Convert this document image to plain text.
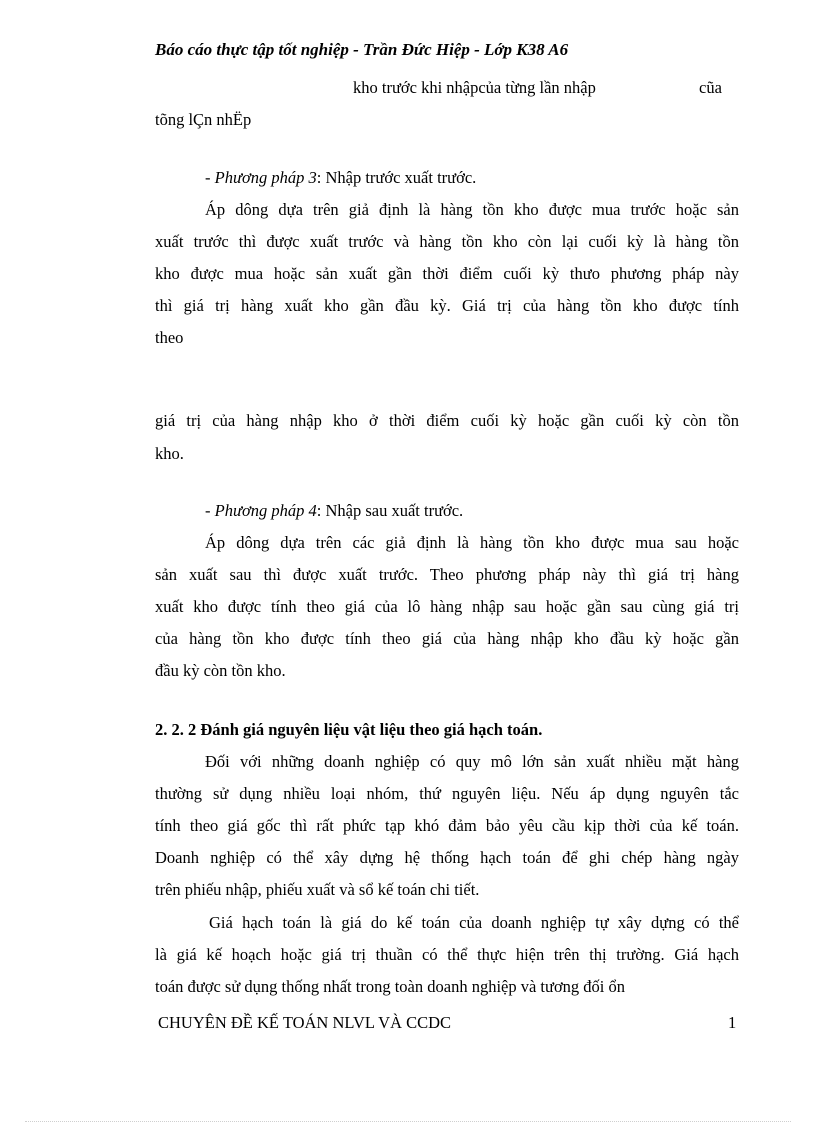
Báo cáo thực tập tốt nghiệp - Trần Đức Hiệp - Lớp K38 A6
kho trước khi nhậpcủa từng lần nhập	cũa
tõng lÇn nhËp
- Phương pháp 3: Nhập trước xuất trước.
Áp dông dựa trên giả định là hàng tồn kho được mua trước hoặc sản
xuất trước thì được xuất trước và hàng tồn kho còn lại cuối kỳ là hàng tồn
kho được mua hoặc sản xuất gần thời điểm cuối kỳ thưo phương pháp này
thì giá trị hàng xuất kho gần đầu kỳ. Giá trị của hàng tồn kho được tính
theo
giá trị của hàng nhập kho ở thời điểm cuối kỳ hoặc gần cuối kỳ còn tồn
kho.
- Phương pháp 4: Nhập sau xuất trước.
Áp dông dựa trên các giả định là hàng tồn kho được mua sau hoặc
sản xuất sau thì được xuất trước. Theo phương pháp này thì giá trị hàng
xuất kho được tính theo giá của lô hàng nhập sau hoặc gần sau cùng giá trị
của hàng tồn kho được tính theo giá của hàng nhập kho đầu kỳ hoặc gần
đầu kỳ còn tồn kho.
2. 2. 2 Đánh giá nguyên liệu vật liệu theo giá hạch toán.
Đối với những doanh nghiệp có quy mô lớn sản xuất nhiều mặt hàng
thường sử dụng nhiều loại nhóm, thứ nguyên liệu. Nếu áp dụng nguyên tắc
tính theo giá gốc thì rất phức tạp khó đảm bảo yêu cầu kịp thời của kế toán.
Doanh nghiệp có thể xây dựng hệ thống hạch toán để ghi chép hàng ngày
trên phiếu nhập, phiếu xuất và sổ kế toán chi tiết.
Giá hạch toán là giá do kế toán của doanh nghiệp tự xây dựng có thể
là giá kế hoạch hoặc giá trị thuần có thể thực hiện trên thị trường. Giá hạch
toán được sử dụng thống nhất trong toàn doanh nghiệp và tương đối ổn
CHUYÊN ĐỀ KẾ TOÁN NLVL VÀ CCDC	1
